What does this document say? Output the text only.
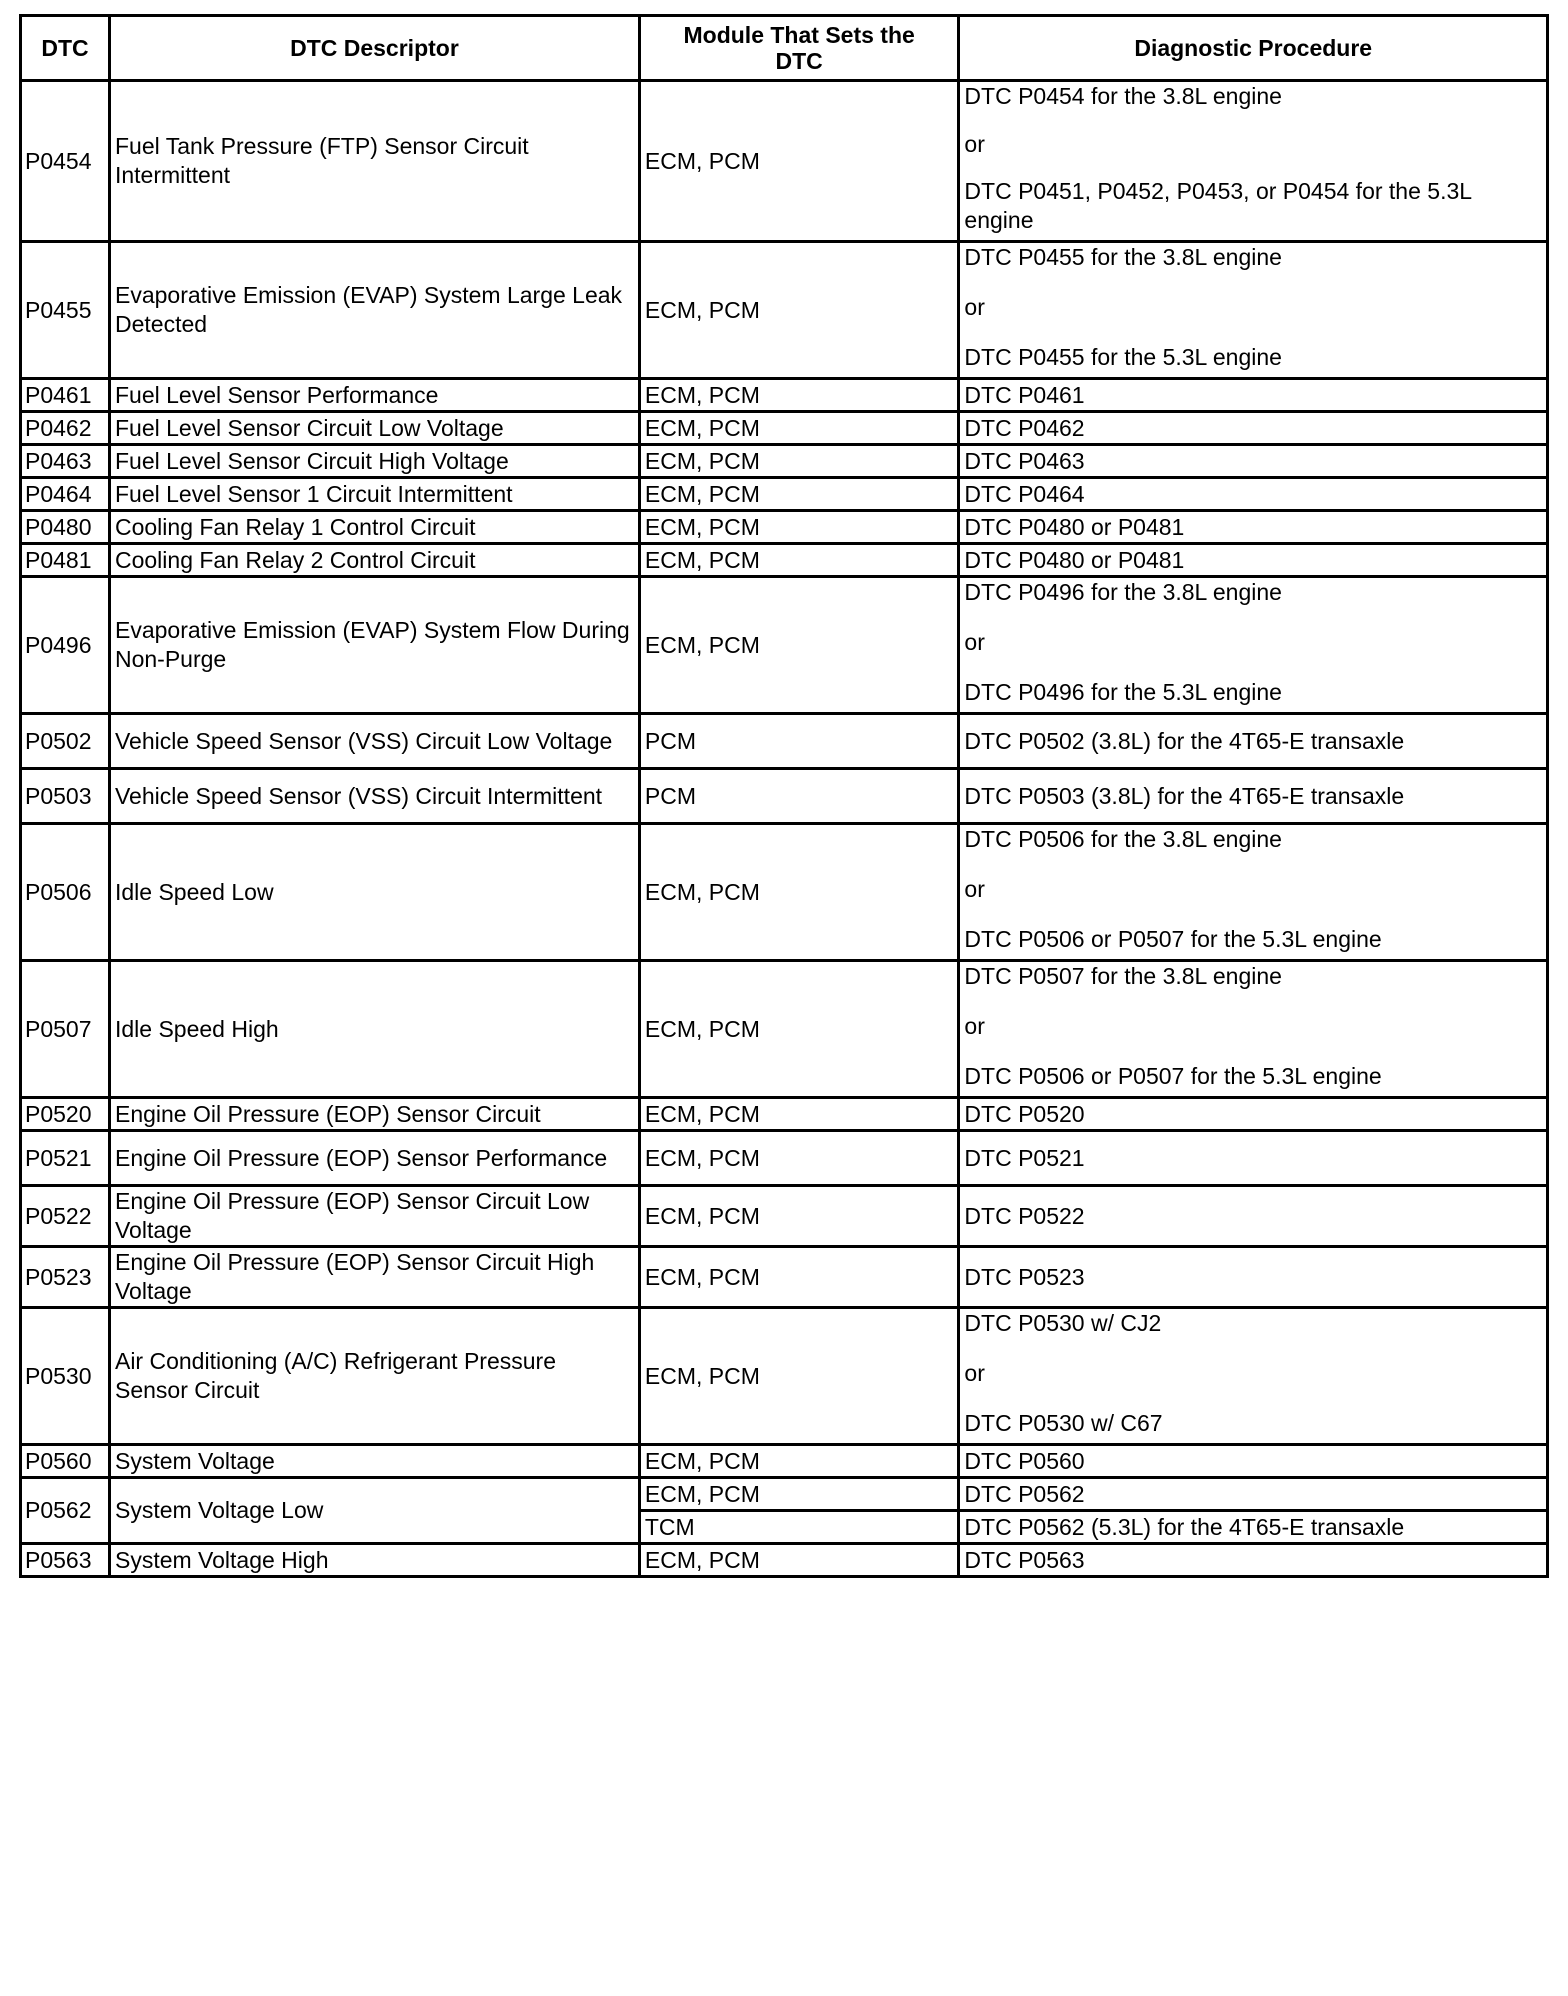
DTC	DTC Descriptor	Module That Sets the DTC	Diagnostic Procedure
P0454	Fuel Tank Pressure (FTP) Sensor Circuit Intermittent	ECM, PCM	DTC P0454 for the 3.8L engine
or
DTC P0451, P0452, P0453, or P0454 for the 5.3L engine

P0455	Evaporative Emission (EVAP) System Large Leak Detected	ECM, PCM	DTC P0455 for the 3.8L engine
or
DTC P0455 for the 5.3L engine

P0461	Fuel Level Sensor Performance	ECM, PCM	DTC P0461
P0462	Fuel Level Sensor Circuit Low Voltage	ECM, PCM	DTC P0462
P0463	Fuel Level Sensor Circuit High Voltage	ECM, PCM	DTC P0463
P0464	Fuel Level Sensor 1 Circuit Intermittent	ECM, PCM	DTC P0464
P0480	Cooling Fan Relay 1 Control Circuit	ECM, PCM	DTC P0480 or P0481
P0481	Cooling Fan Relay 2 Control Circuit	ECM, PCM	DTC P0480 or P0481
P0496	Evaporative Emission (EVAP) System Flow During Non-Purge	ECM, PCM	DTC P0496 for the 3.8L engine
or
DTC P0496 for the 5.3L engine

P0502	Vehicle Speed Sensor (VSS) Circuit Low Voltage	PCM	DTC P0502 (3.8L) for the 4T65-E transaxle
P0503	Vehicle Speed Sensor (VSS) Circuit Intermittent	PCM	DTC P0503 (3.8L) for the 4T65-E transaxle
P0506	Idle Speed Low	ECM, PCM	DTC P0506 for the 3.8L engine
or
DTC P0506 or P0507 for the 5.3L engine

P0507	Idle Speed High	ECM, PCM	DTC P0507 for the 3.8L engine
or
DTC P0506 or P0507 for the 5.3L engine

P0520	Engine Oil Pressure (EOP) Sensor Circuit	ECM, PCM	DTC P0520
P0521	Engine Oil Pressure (EOP) Sensor Performance	ECM, PCM	DTC P0521
P0522	Engine Oil Pressure (EOP) Sensor Circuit Low Voltage	ECM, PCM	DTC P0522
P0523	Engine Oil Pressure (EOP) Sensor Circuit High Voltage	ECM, PCM	DTC P0523
P0530	Air Conditioning (A/C) Refrigerant Pressure Sensor Circuit	ECM, PCM	DTC P0530 w/ CJ2
or
DTC P0530 w/ C67

P0560	System Voltage	ECM, PCM	DTC P0560
P0562	System Voltage Low	ECM, PCM	DTC P0562
		TCM	DTC P0562 (5.3L) for the 4T65-E transaxle
P0563	System Voltage High	ECM, PCM	DTC P0563
